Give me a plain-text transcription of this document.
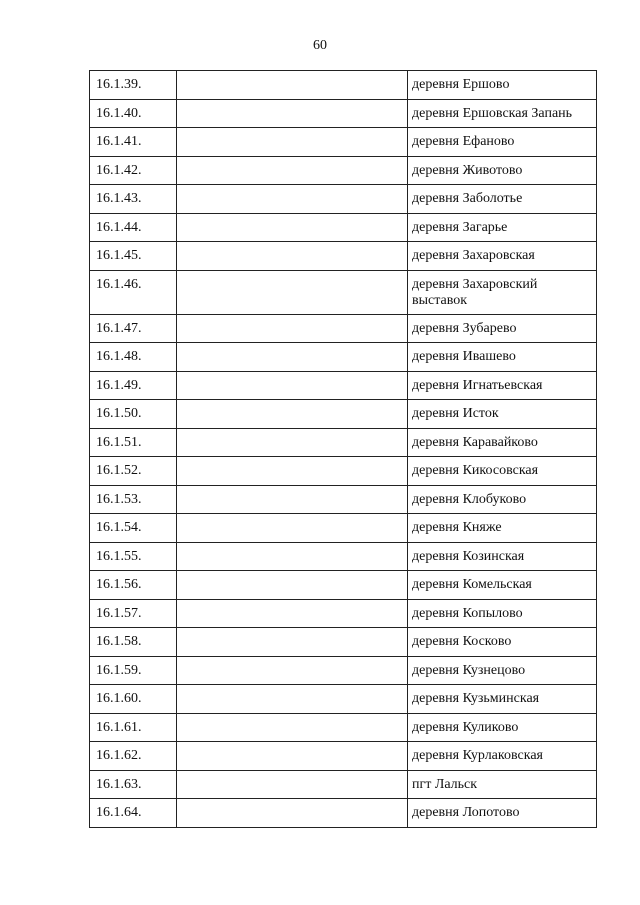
60
16.1.39.		деревня Ершово
16.1.40.		деревня Ершовская Запань
16.1.41.		деревня Ефаново
16.1.42.		деревня Животово
16.1.43.		деревня Заболотье
16.1.44.		деревня Загарье
16.1.45.		деревня Захаровская
16.1.46.		деревня Захаровский выставок
16.1.47.		деревня Зубарево
16.1.48.		деревня Ивашево
16.1.49.		деревня Игнатьевская
16.1.50.		деревня Исток
16.1.51.		деревня Каравайково
16.1.52.		деревня Кикосовская
16.1.53.		деревня Клобуково
16.1.54.		деревня Княже
16.1.55.		деревня Козинская
16.1.56.		деревня Комельская
16.1.57.		деревня Копылово
16.1.58.		деревня Косково
16.1.59.		деревня Кузнецово
16.1.60.		деревня Кузьминская
16.1.61.		деревня Куликово
16.1.62.		деревня Курлаковская
16.1.63.		пгт Лальск
16.1.64.		деревня Лопотово
